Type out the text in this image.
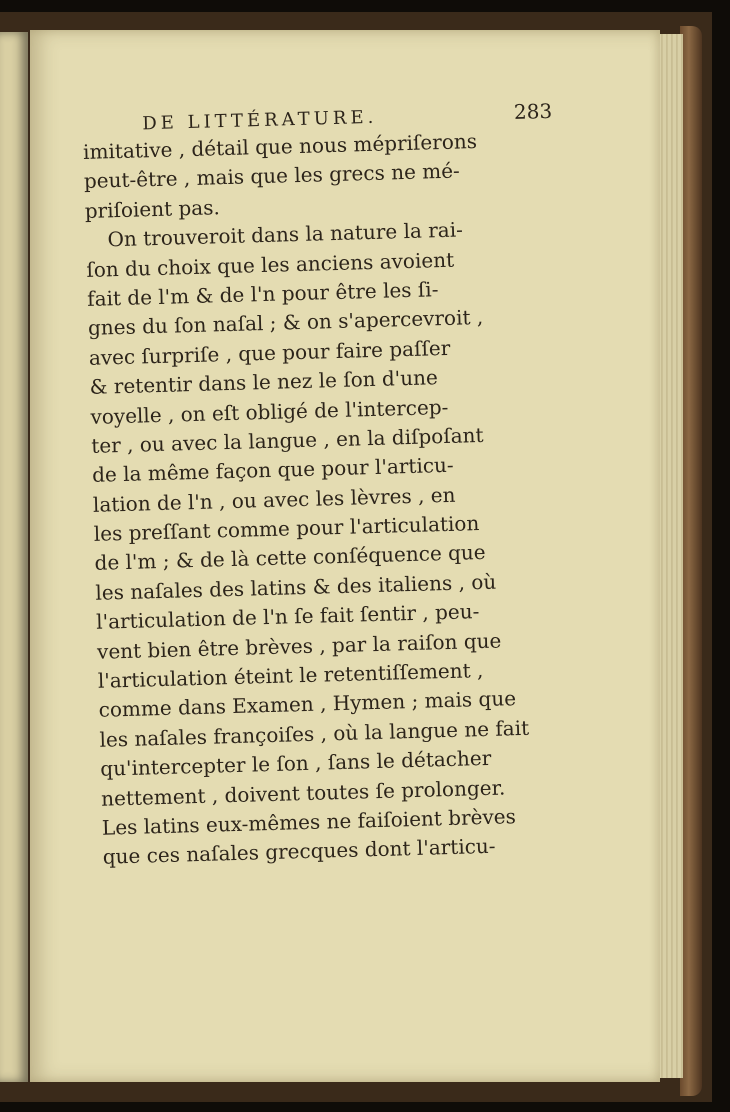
DE LITTÉRATURE.	283
imitative , détail que nous mépriſerons
peut-être , mais que les grecs ne mé-
priſoient pas.
On trouveroit dans la nature la rai-
ſon du choix que les anciens avoient
fait de l'm & de l'n pour être les ſi-
gnes du ſon naſal ; & on s'apercevroit ,
avec ſurpriſe , que pour faire paſſer
& retentir dans le nez le ſon d'une
voyelle , on eſt obligé de l'intercep-
ter , ou avec la langue , en la diſpoſant
de la même façon que pour l'articu-
lation de l'n , ou avec les lèvres , en
les preſſant comme pour l'articulation
de l'm ; & de là cette conſéquence que
les naſales des latins & des italiens , où
l'articulation de l'n ſe fait ſentir , peu-
vent bien être brèves , par la raiſon que
l'articulation éteint le retentiſſement ,
comme dans Examen , Hymen ; mais que
les naſales françoiſes , où la langue ne fait
qu'intercepter le ſon , ſans le détacher
nettement , doivent toutes ſe prolonger.
Les latins eux-mêmes ne faiſoient brèves
que ces naſales grecques dont l'articu-
